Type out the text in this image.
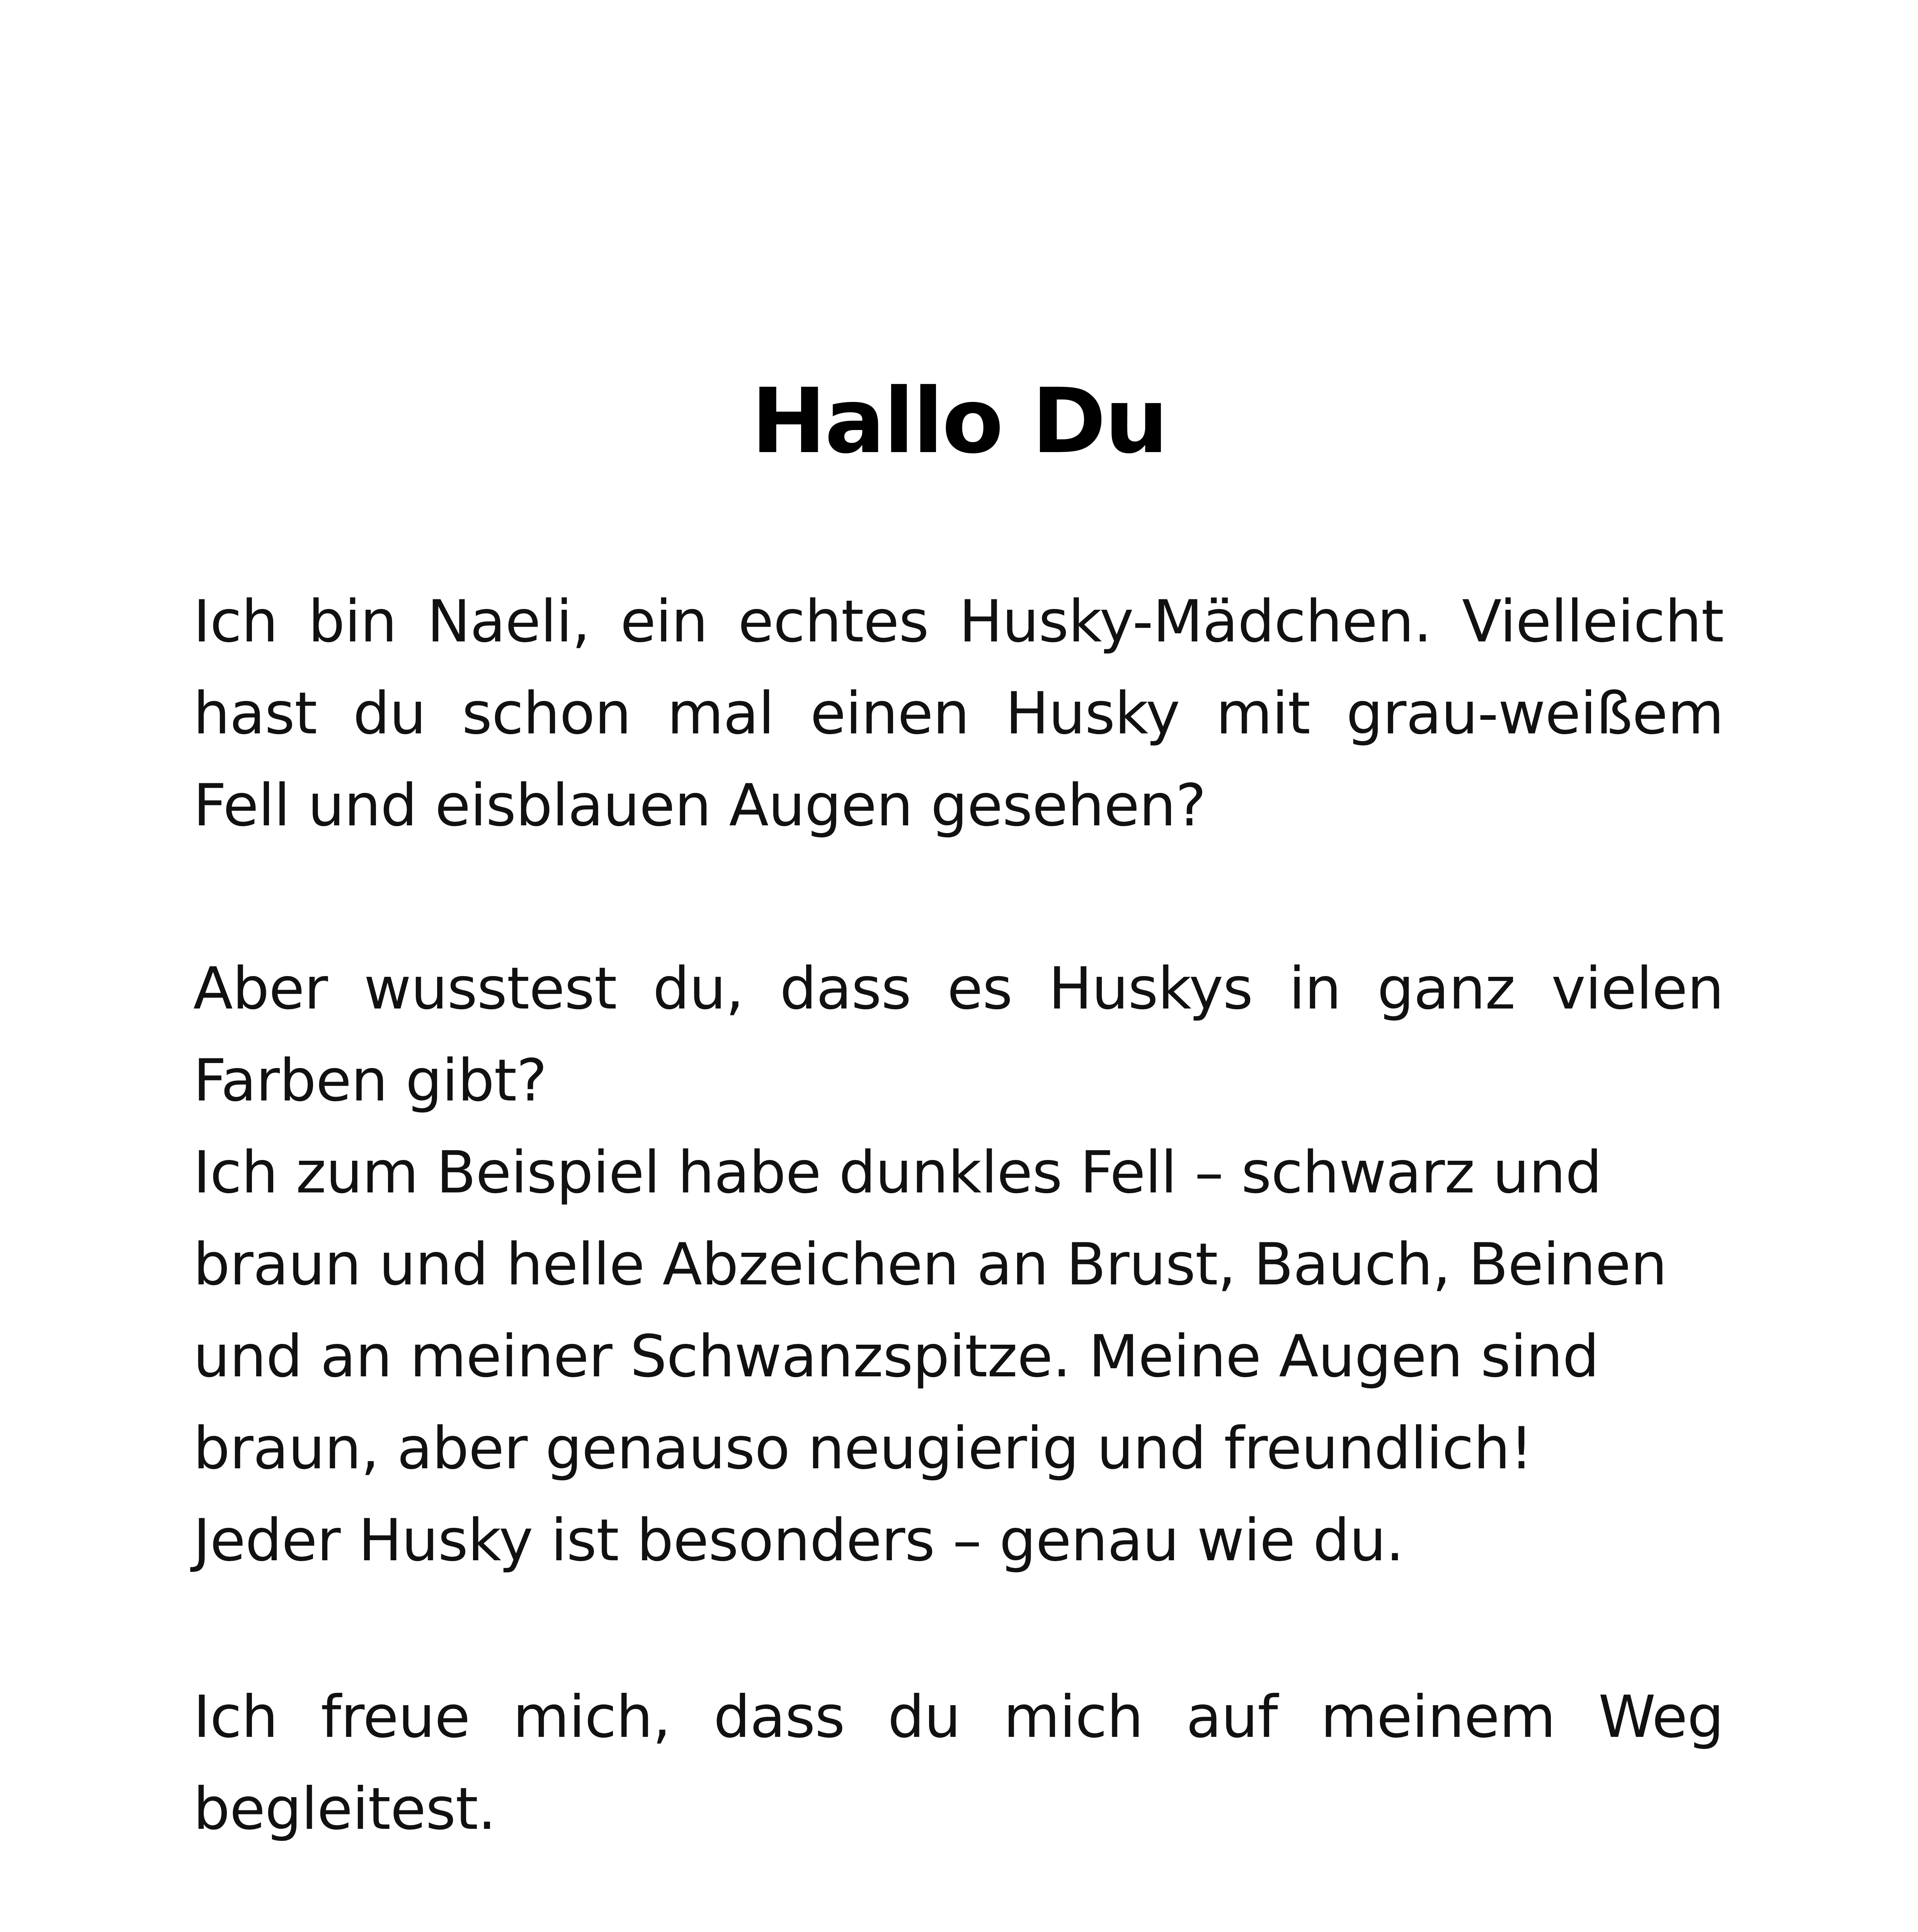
Hallo Du
Ich bin Naeli, ein echtes Husky-Mädchen. Vielleicht
hast du schon mal einen Husky mit grau-weißem
Fell und eisblauen Augen gesehen?
Aber wusstest du, dass es Huskys in ganz vielen
Farben gibt?
Ich zum Beispiel habe dunkles Fell – schwarz und
braun und helle Abzeichen an Brust, Bauch, Beinen
und an meiner Schwanzspitze. Meine Augen sind
braun, aber genauso neugierig und freundlich!
Jeder Husky ist besonders – genau wie du.
Ich freue mich, dass du mich auf meinem Weg
begleitest.
